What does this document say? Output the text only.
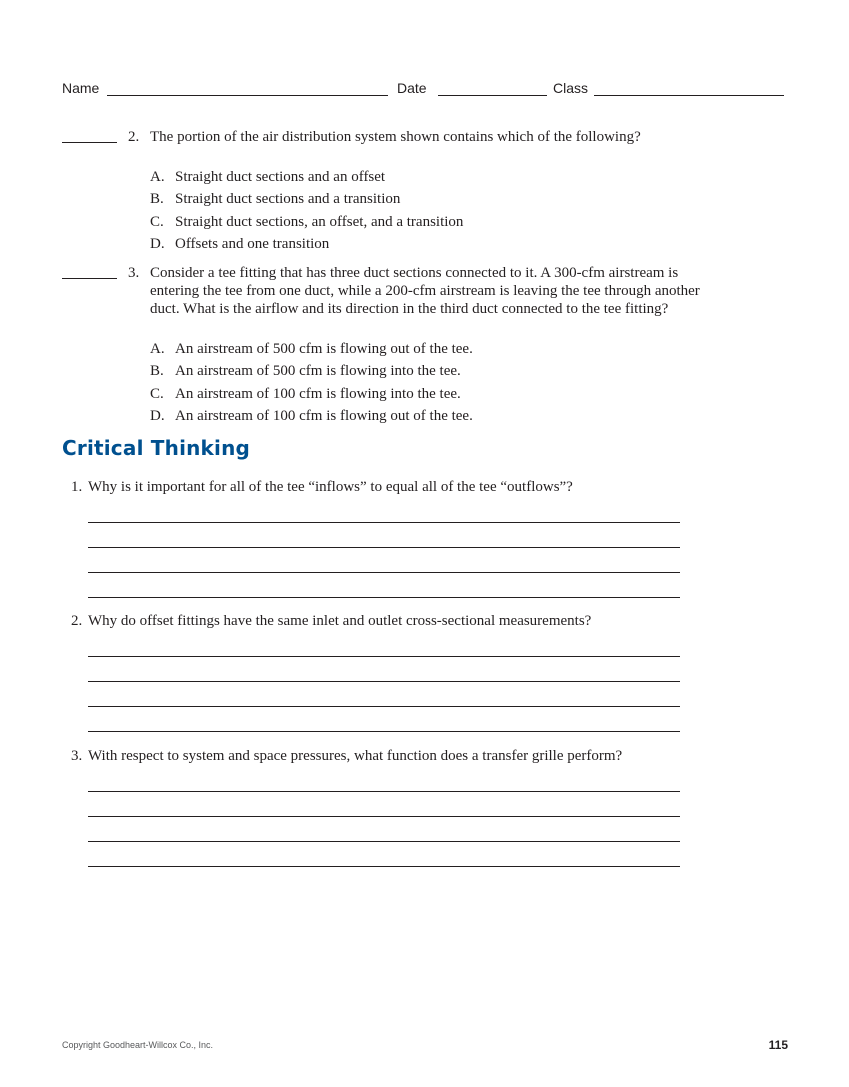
Name	Date	Class
2. The portion of the air distribution system shown contains which of the following?
A. Straight duct sections and an offset
B. Straight duct sections and a transition
C. Straight duct sections, an offset, and a transition
D. Offsets and one transition
3. Consider a tee fitting that has three duct sections connected to it. A 300-cfm airstream is entering the tee from one duct, while a 200-cfm airstream is leaving the tee through another duct. What is the airflow and its direction in the third duct connected to the tee fitting?
A. An airstream of 500 cfm is flowing out of the tee.
B. An airstream of 500 cfm is flowing into the tee.
C. An airstream of 100 cfm is flowing into the tee.
D. An airstream of 100 cfm is flowing out of the tee.
Critical Thinking
1. Why is it important for all of the tee “inflows” to equal all of the tee “outflows”?
2. Why do offset fittings have the same inlet and outlet cross-sectional measurements?
3. With respect to system and space pressures, what function does a transfer grille perform?
Copyright Goodheart-Willcox Co., Inc.	115
